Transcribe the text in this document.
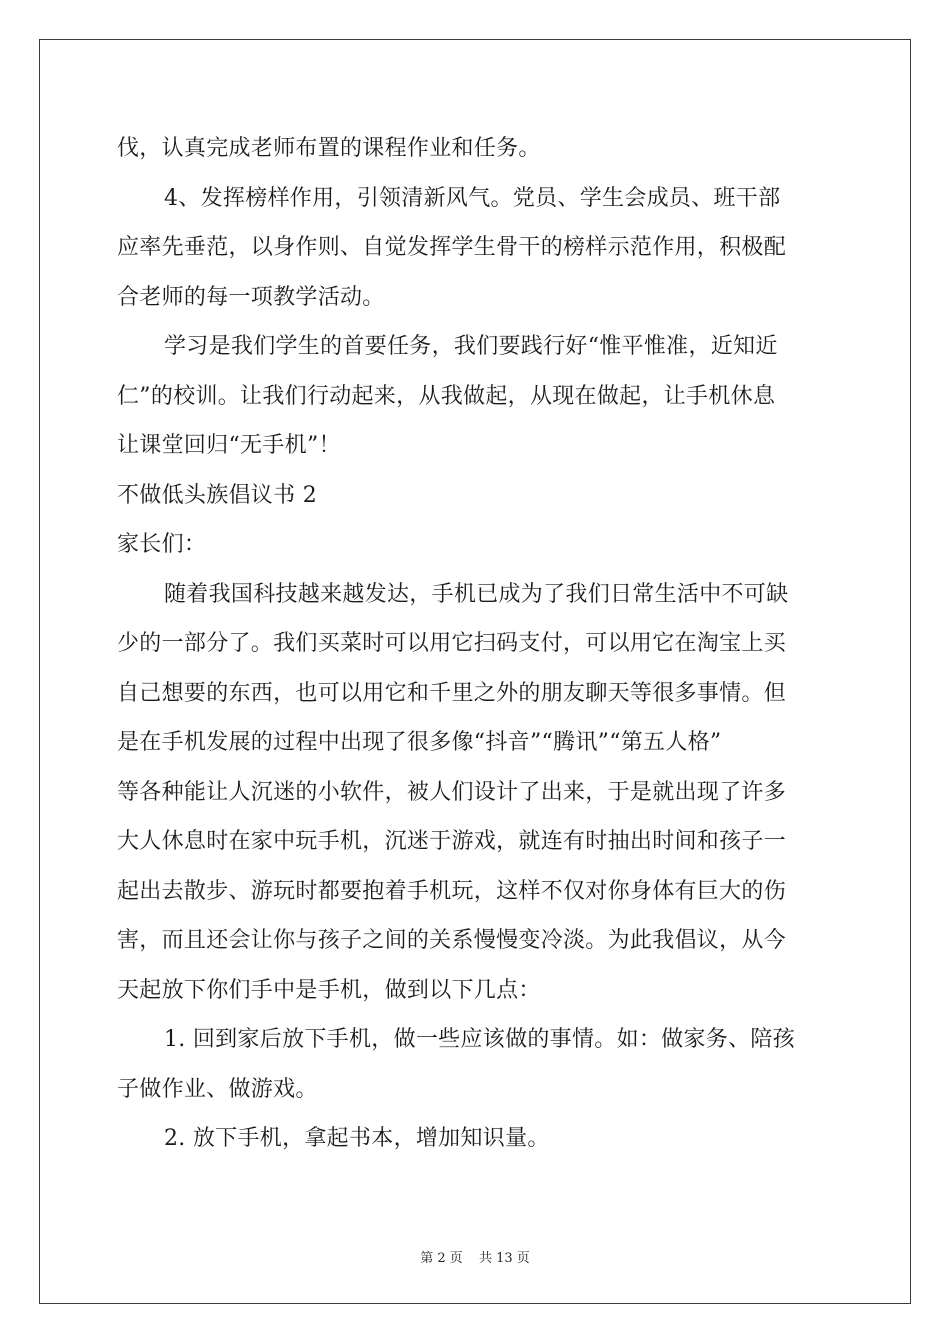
伐，认真完成老师布置的课程作业和任务。
4、发挥榜样作用，引领清新风气。党员、学生会成员、班干部
应率先垂范，以身作则、自觉发挥学生骨干的榜样示范作用，积极配
合老师的每一项教学活动。
学习是我们学生的首要任务，我们要践行好“惟平惟准，近知近
仁”的校训。让我们行动起来，从我做起，从现在做起，让手机休息
让课堂回归“无手机”！
不做低头族倡议书 2
家长们：
随着我国科技越来越发达，手机已成为了我们日常生活中不可缺
少的一部分了。我们买菜时可以用它扫码支付，可以用它在淘宝上买
自己想要的东西，也可以用它和千里之外的朋友聊天等很多事情。但
是在手机发展的过程中出现了很多像“抖音”“腾讯”“第五人格”
等各种能让人沉迷的小软件，被人们设计了出来，于是就出现了许多
大人休息时在家中玩手机，沉迷于游戏，就连有时抽出时间和孩子一
起出去散步、游玩时都要抱着手机玩，这样不仅对你身体有巨大的伤
害，而且还会让你与孩子之间的关系慢慢变冷淡。为此我倡议，从今
天起放下你们手中是手机，做到以下几点：
1. 回到家后放下手机，做一些应该做的事情。如：做家务、陪孩
子做作业、做游戏。
2. 放下手机，拿起书本，增加知识量。
第 2 页 共 13 页
